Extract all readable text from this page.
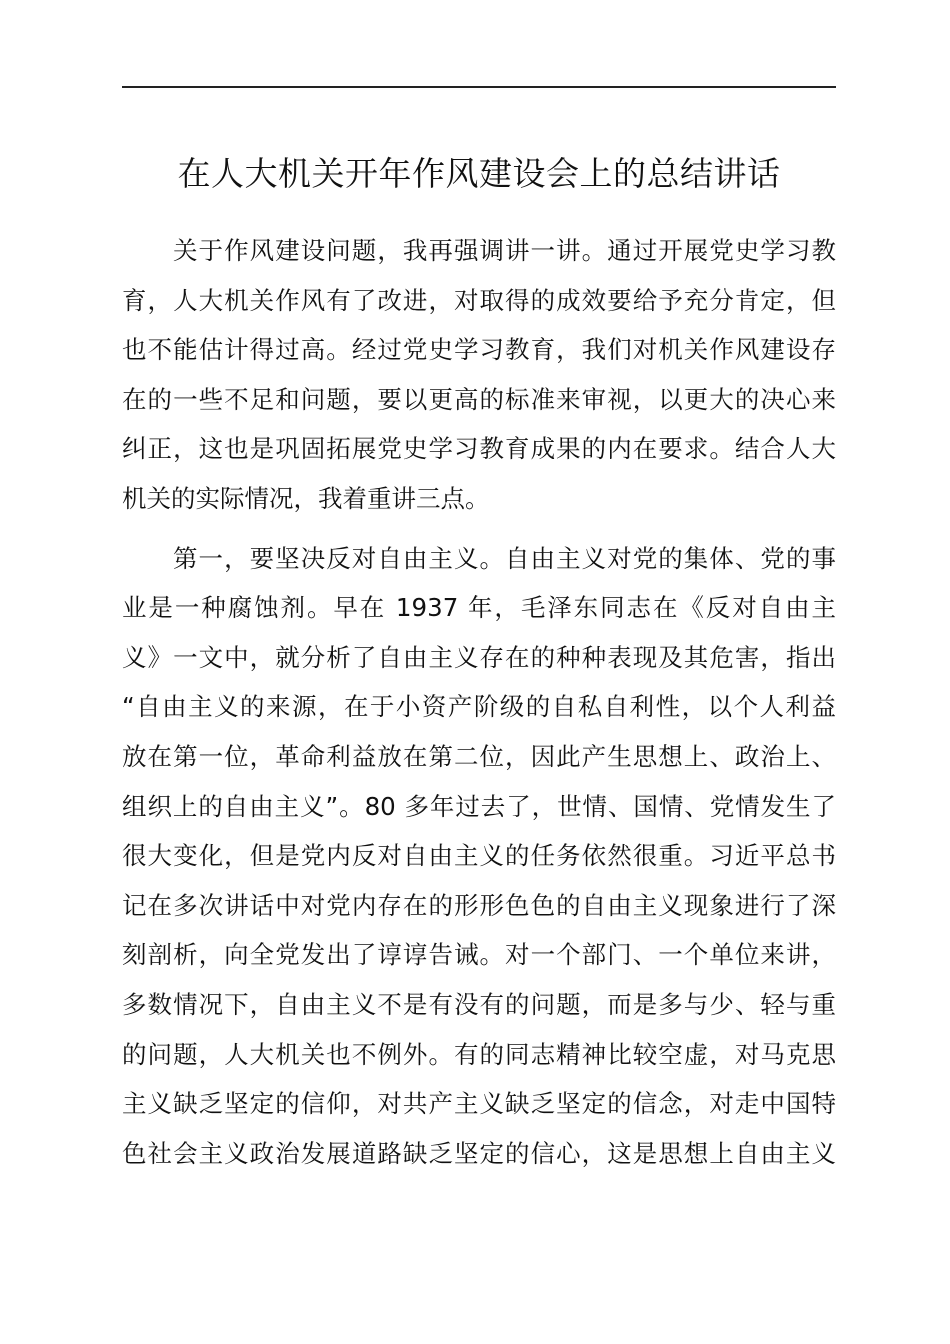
在人大机关开年作风建设会上的总结讲话
关于作风建设问题，我再强调讲一讲。通过开展党史学习教
育，人大机关作风有了改进，对取得的成效要给予充分肯定，但
也不能估计得过高。经过党史学习教育，我们对机关作风建设存
在的一些不足和问题，要以更高的标准来审视，以更大的决心来
纠正，这也是巩固拓展党史学习教育成果的内在要求。结合人大
机关的实际情况，我着重讲三点。
第一，要坚决反对自由主义。自由主义对党的集体、党的事
业是一种腐蚀剂。早在 1937 年，毛泽东同志在《反对自由主
义》一文中，就分析了自由主义存在的种种表现及其危害，指出
“自由主义的来源，在于小资产阶级的自私自利性，以个人利益
放在第一位，革命利益放在第二位，因此产生思想上、政治上、
组织上的自由主义”。80 多年过去了，世情、国情、党情发生了
很大变化，但是党内反对自由主义的任务依然很重。习近平总书
记在多次讲话中对党内存在的形形色色的自由主义现象进行了深
刻剖析，向全党发出了谆谆告诫。对一个部门、一个单位来讲，
多数情况下，自由主义不是有没有的问题，而是多与少、轻与重
的问题，人大机关也不例外。有的同志精神比较空虚，对马克思
主义缺乏坚定的信仰，对共产主义缺乏坚定的信念，对走中国特
色社会主义政治发展道路缺乏坚定的信心，这是思想上自由主义
